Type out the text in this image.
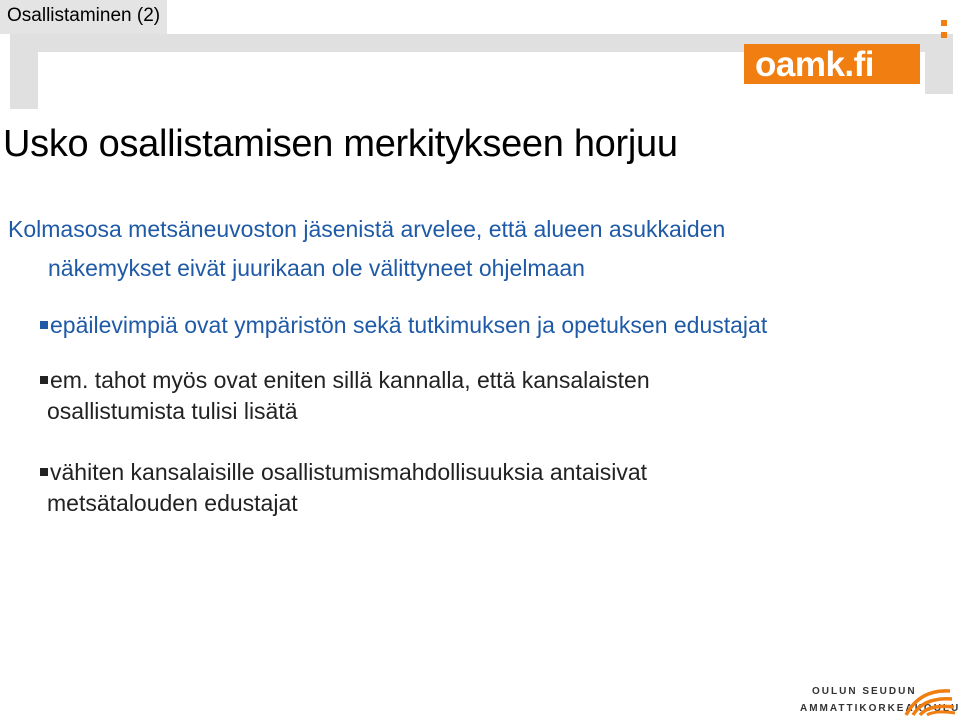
Osallistaminen (2)
oamk.fi
Usko osallistamisen merkitykseen horjuu
Kolmasosa metsäneuvoston jäsenistä arvelee, että alueen asukkaiden
näkemykset eivät juurikaan ole välittyneet ohjelmaan
epäilevimpiä ovat ympäristön sekä tutkimuksen ja opetuksen edustajat
em. tahot myös ovat eniten sillä kannalla, että kansalaisten
osallistumista tulisi lisätä
vähiten kansalaisille osallistumismahdollisuuksia antaisivat
metsätalouden edustajat
OULUN SEUDUN
AMMATTIKORKEAKOULU
